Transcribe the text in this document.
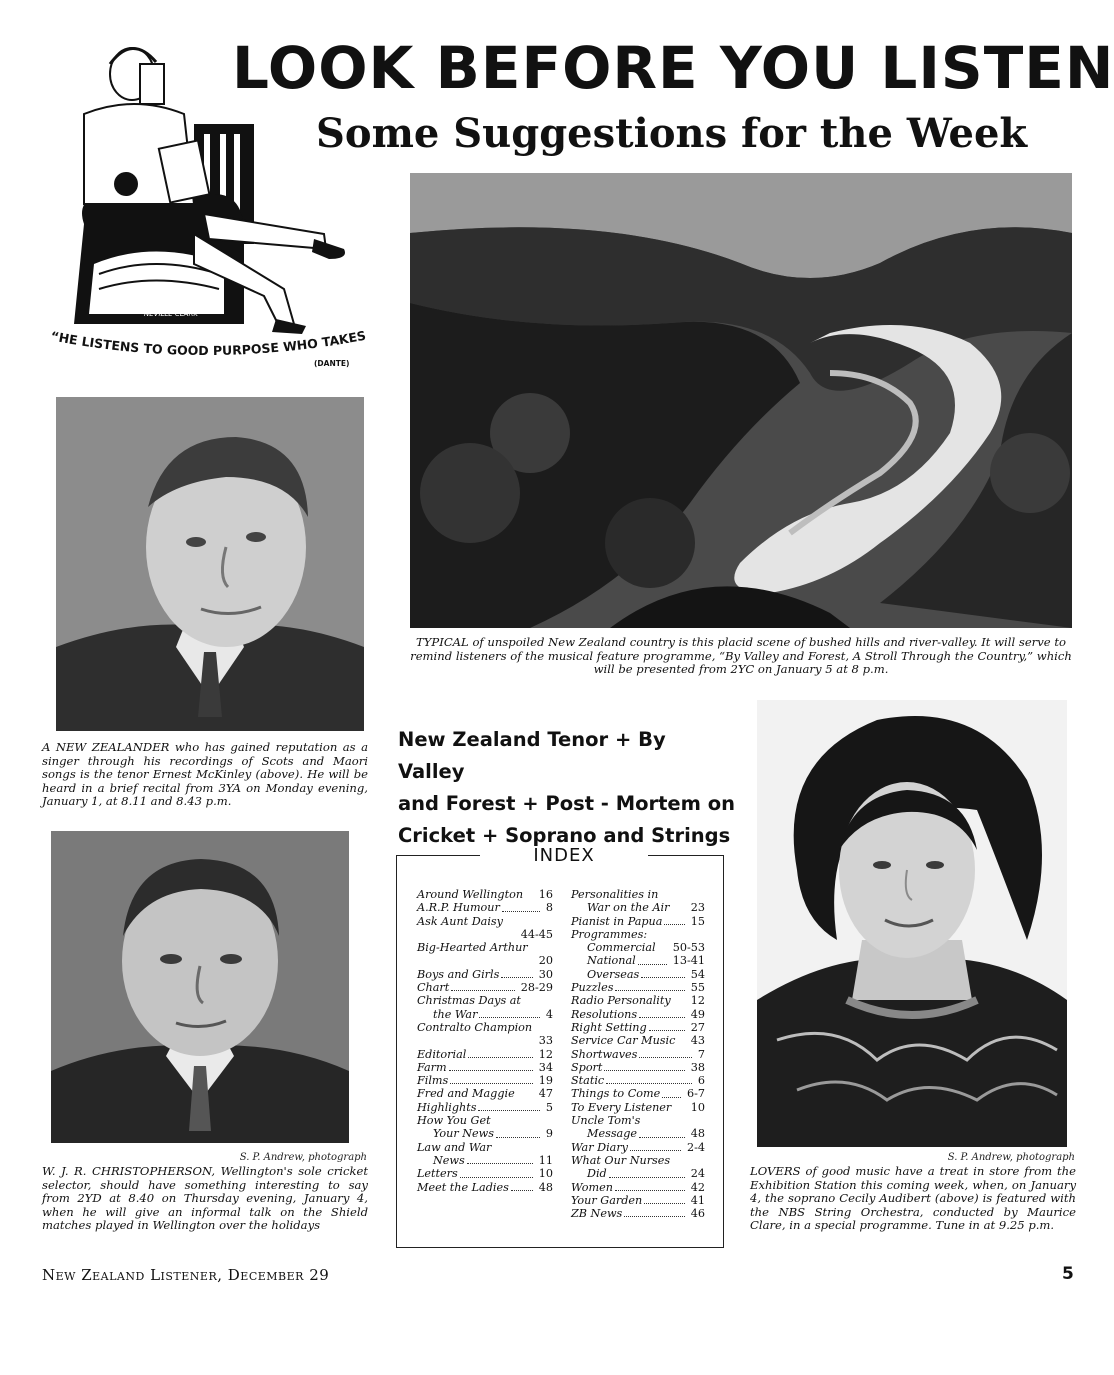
LOOK BEFORE YOU LISTEN
Some Suggestions for the Week
NEVILLE CLARK
“HE LISTENS TO GOOD PURPOSE WHO TAKES
(DANTE)
TYPICAL of unspoiled New Zealand country is this placid scene of bushed hills and river-valley. It will serve to remind listeners of the musical feature programme, “By Valley and Forest, A Stroll Through the Country,” which will be presented from 2YC on January 5 at 8 p.m.
A NEW ZEALANDER who has gained reputation as a singer through his recordings of Scots and Maori songs is the tenor Ernest McKinley (above). He will be heard in a brief recital from 3YA on Monday evening, January 1, at 8.11 and 8.43 p.m.
S. P. Andrew, photograph
W. J. R. CHRISTOPHERSON, Wellington's sole cricket selector, should have something interesting to say from 2YD at 8.40 on Thursday evening, January 4, when he will give an informal talk on the Shield matches played in Wellington over the holidays
S. P. Andrew, photograph
LOVERS of good music have a treat in store from the Exhibition Station this coming week, when, on January 4, the soprano Cecily Audibert (above) is featured with the NBS String Orchestra, conducted by Maurice Clare, in a special programme. Tune in at 9.25 p.m.
New Zealand Tenor + By Valley
and Forest + Post - Mortem on
Cricket + Soprano and Strings
INDEX
Around Wellington	16
A.R.P. Humour	8
Ask Aunt Daisy
44-45
Big-Hearted Arthur
20
Boys and Girls	30
Chart	28-29
Christmas Days at
the War	4
Contralto Champion
33
Editorial	12
Farm	34
Films	19
Fred and Maggie	47
Highlights	5
How You Get
Your News	9
Law and War
News	11
Letters	10
Meet the Ladies	48
Personalities in
War on the Air	23
Pianist in Papua	15
Programmes:
Commercial	50-53
National	13-41
Overseas	54
Puzzles	55
Radio Personality	12
Resolutions	49
Right Setting	27
Service Car Music	43
Shortwaves	7
Sport	38
Static	6
Things to Come	6-7
To Every Listener	10
Uncle Tom's
Message	48
War Diary	2-4
What Our Nurses
Did	24
Women	42
Your Garden	41
ZB News	46
New Zealand Listener, December 29	5
